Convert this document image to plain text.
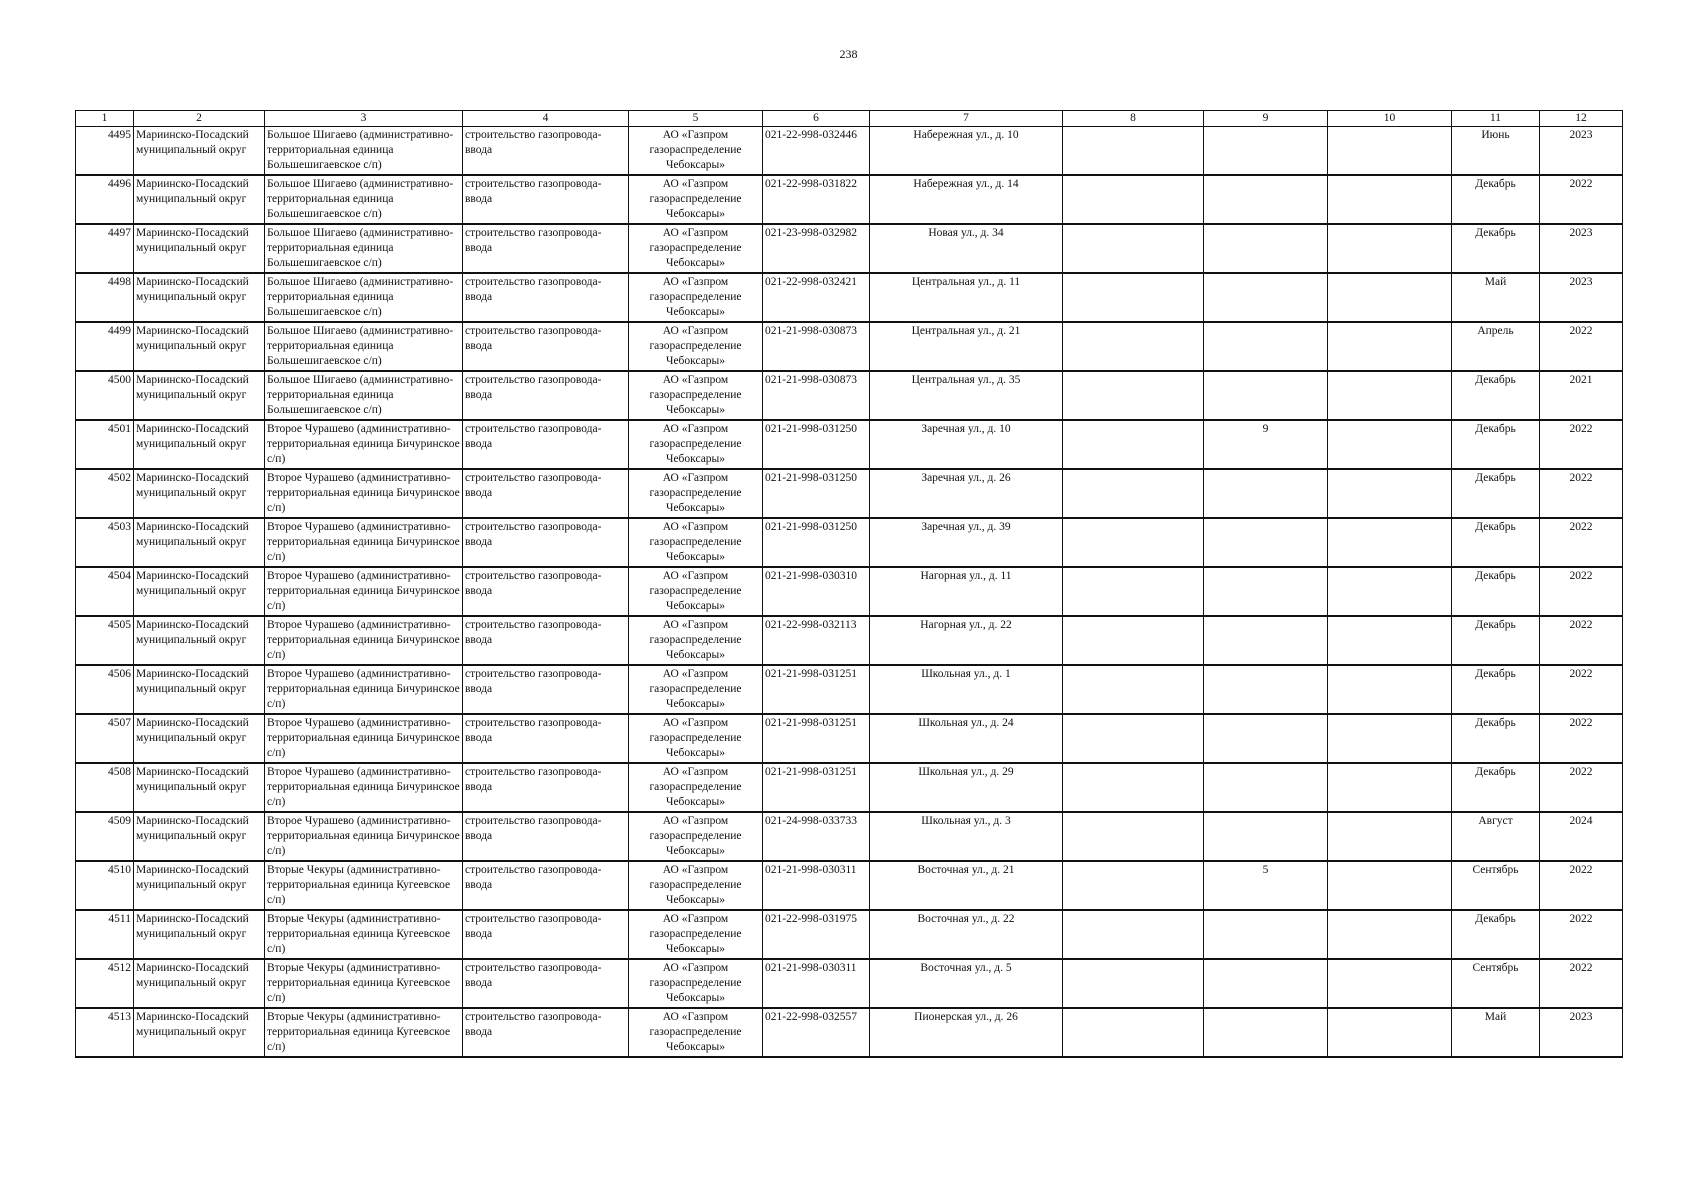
238
1	2	3	4	5	6	7	8	9	10	11	12
4495	Мариинско-Посадский муниципальный округ	Большое Шигаево (административно-территориальная единица Большешигаевское с/п)	строительство газопровода-ввода	АО «Газпром газораспределение Чебоксары»	021-22-998-032446	Набережная ул., д. 10				Июнь	2023
4496	Мариинско-Посадский муниципальный округ	Большое Шигаево (административно-территориальная единица Большешигаевское с/п)	строительство газопровода-ввода	АО «Газпром газораспределение Чебоксары»	021-22-998-031822	Набережная ул., д. 14				Декабрь	2022
4497	Мариинско-Посадский муниципальный округ	Большое Шигаево (административно-территориальная единица Большешигаевское с/п)	строительство газопровода-ввода	АО «Газпром газораспределение Чебоксары»	021-23-998-032982	Новая ул., д. 34				Декабрь	2023
4498	Мариинско-Посадский муниципальный округ	Большое Шигаево (административно-территориальная единица Большешигаевское с/п)	строительство газопровода-ввода	АО «Газпром газораспределение Чебоксары»	021-22-998-032421	Центральная ул., д. 11				Май	2023
4499	Мариинско-Посадский муниципальный округ	Большое Шигаево (административно-территориальная единица Большешигаевское с/п)	строительство газопровода-ввода	АО «Газпром газораспределение Чебоксары»	021-21-998-030873	Центральная ул., д. 21				Апрель	2022
4500	Мариинско-Посадский муниципальный округ	Большое Шигаево (административно-территориальная единица Большешигаевское с/п)	строительство газопровода-ввода	АО «Газпром газораспределение Чебоксары»	021-21-998-030873	Центральная ул., д. 35				Декабрь	2021
4501	Мариинско-Посадский муниципальный округ	Второе Чурашево (административно-территориальная единица Бичуринское с/п)	строительство газопровода-ввода	АО «Газпром газораспределение Чебоксары»	021-21-998-031250	Заречная ул., д. 10		9		Декабрь	2022
4502	Мариинско-Посадский муниципальный округ	Второе Чурашево (административно-территориальная единица Бичуринское с/п)	строительство газопровода-ввода	АО «Газпром газораспределение Чебоксары»	021-21-998-031250	Заречная ул., д. 26				Декабрь	2022
4503	Мариинско-Посадский муниципальный округ	Второе Чурашево (административно-территориальная единица Бичуринское с/п)	строительство газопровода-ввода	АО «Газпром газораспределение Чебоксары»	021-21-998-031250	Заречная ул., д. 39				Декабрь	2022
4504	Мариинско-Посадский муниципальный округ	Второе Чурашево (административно-территориальная единица Бичуринское с/п)	строительство газопровода-ввода	АО «Газпром газораспределение Чебоксары»	021-21-998-030310	Нагорная ул., д. 11				Декабрь	2022
4505	Мариинско-Посадский муниципальный округ	Второе Чурашево (административно-территориальная единица Бичуринское с/п)	строительство газопровода-ввода	АО «Газпром газораспределение Чебоксары»	021-22-998-032113	Нагорная ул., д. 22				Декабрь	2022
4506	Мариинско-Посадский муниципальный округ	Второе Чурашево (административно-территориальная единица Бичуринское с/п)	строительство газопровода-ввода	АО «Газпром газораспределение Чебоксары»	021-21-998-031251	Школьная ул., д. 1				Декабрь	2022
4507	Мариинско-Посадский муниципальный округ	Второе Чурашево (административно-территориальная единица Бичуринское с/п)	строительство газопровода-ввода	АО «Газпром газораспределение Чебоксары»	021-21-998-031251	Школьная ул., д. 24				Декабрь	2022
4508	Мариинско-Посадский муниципальный округ	Второе Чурашево (административно-территориальная единица Бичуринское с/п)	строительство газопровода-ввода	АО «Газпром газораспределение Чебоксары»	021-21-998-031251	Школьная ул., д. 29				Декабрь	2022
4509	Мариинско-Посадский муниципальный округ	Второе Чурашево (административно-территориальная единица Бичуринское с/п)	строительство газопровода-ввода	АО «Газпром газораспределение Чебоксары»	021-24-998-033733	Школьная ул., д. 3				Август	2024
4510	Мариинско-Посадский муниципальный округ	Вторые Чекуры (административно-территориальная единица Кугеевское с/п)	строительство газопровода-ввода	АО «Газпром газораспределение Чебоксары»	021-21-998-030311	Восточная ул., д. 21		5		Сентябрь	2022
4511	Мариинско-Посадский муниципальный округ	Вторые Чекуры (административно-территориальная единица Кугеевское с/п)	строительство газопровода-ввода	АО «Газпром газораспределение Чебоксары»	021-22-998-031975	Восточная ул., д. 22				Декабрь	2022
4512	Мариинско-Посадский муниципальный округ	Вторые Чекуры (административно-территориальная единица Кугеевское с/п)	строительство газопровода-ввода	АО «Газпром газораспределение Чебоксары»	021-21-998-030311	Восточная ул., д. 5				Сентябрь	2022
4513	Мариинско-Посадский муниципальный округ	Вторые Чекуры (административно-территориальная единица Кугеевское с/п)	строительство газопровода-ввода	АО «Газпром газораспределение Чебоксары»	021-22-998-032557	Пионерская ул., д. 26				Май	2023
